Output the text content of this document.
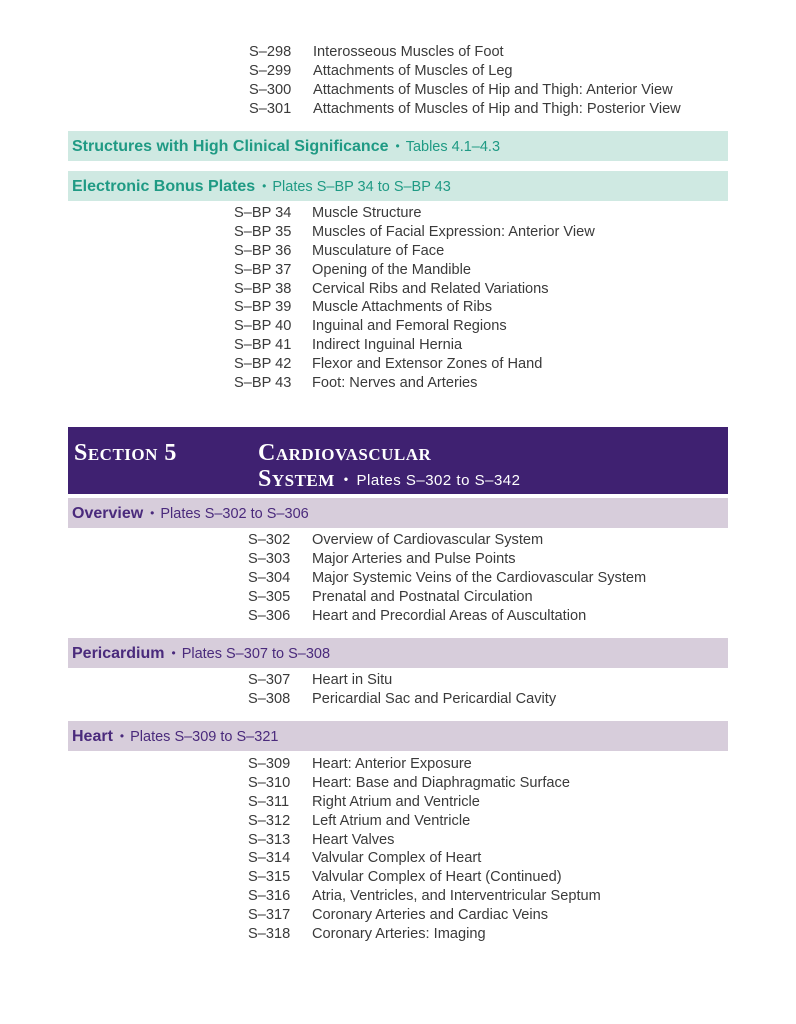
S–298 Interosseous Muscles of Foot
S–299 Attachments of Muscles of Leg
S–300 Attachments of Muscles of Hip and Thigh: Anterior View
S–301 Attachments of Muscles of Hip and Thigh: Posterior View
Structures with High Clinical Significance • Tables 4.1–4.3
Electronic Bonus Plates • Plates S–BP 34 to S–BP 43
S–BP 34 Muscle Structure
S–BP 35 Muscles of Facial Expression: Anterior View
S–BP 36 Musculature of Face
S–BP 37 Opening of the Mandible
S–BP 38 Cervical Ribs and Related Variations
S–BP 39 Muscle Attachments of Ribs
S–BP 40 Inguinal and Femoral Regions
S–BP 41 Indirect Inguinal Hernia
S–BP 42 Flexor and Extensor Zones of Hand
S–BP 43 Foot: Nerves and Arteries
Section 5	Cardiovascular
System • Plates S–302 to S–342
Overview • Plates S–302 to S–306
S–302 Overview of Cardiovascular System
S–303 Major Arteries and Pulse Points
S–304 Major Systemic Veins of the Cardiovascular System
S–305 Prenatal and Postnatal Circulation
S–306 Heart and Precordial Areas of Auscultation
Pericardium • Plates S–307 to S–308
S–307 Heart in Situ
S–308 Pericardial Sac and Pericardial Cavity
Heart • Plates S–309 to S–321
S–309 Heart: Anterior Exposure
S–310 Heart: Base and Diaphragmatic Surface
S–311 Right Atrium and Ventricle
S–312 Left Atrium and Ventricle
S–313 Heart Valves
S–314 Valvular Complex of Heart
S–315 Valvular Complex of Heart (Continued)
S–316 Atria, Ventricles, and Interventricular Septum
S–317 Coronary Arteries and Cardiac Veins
S–318 Coronary Arteries: Imaging
